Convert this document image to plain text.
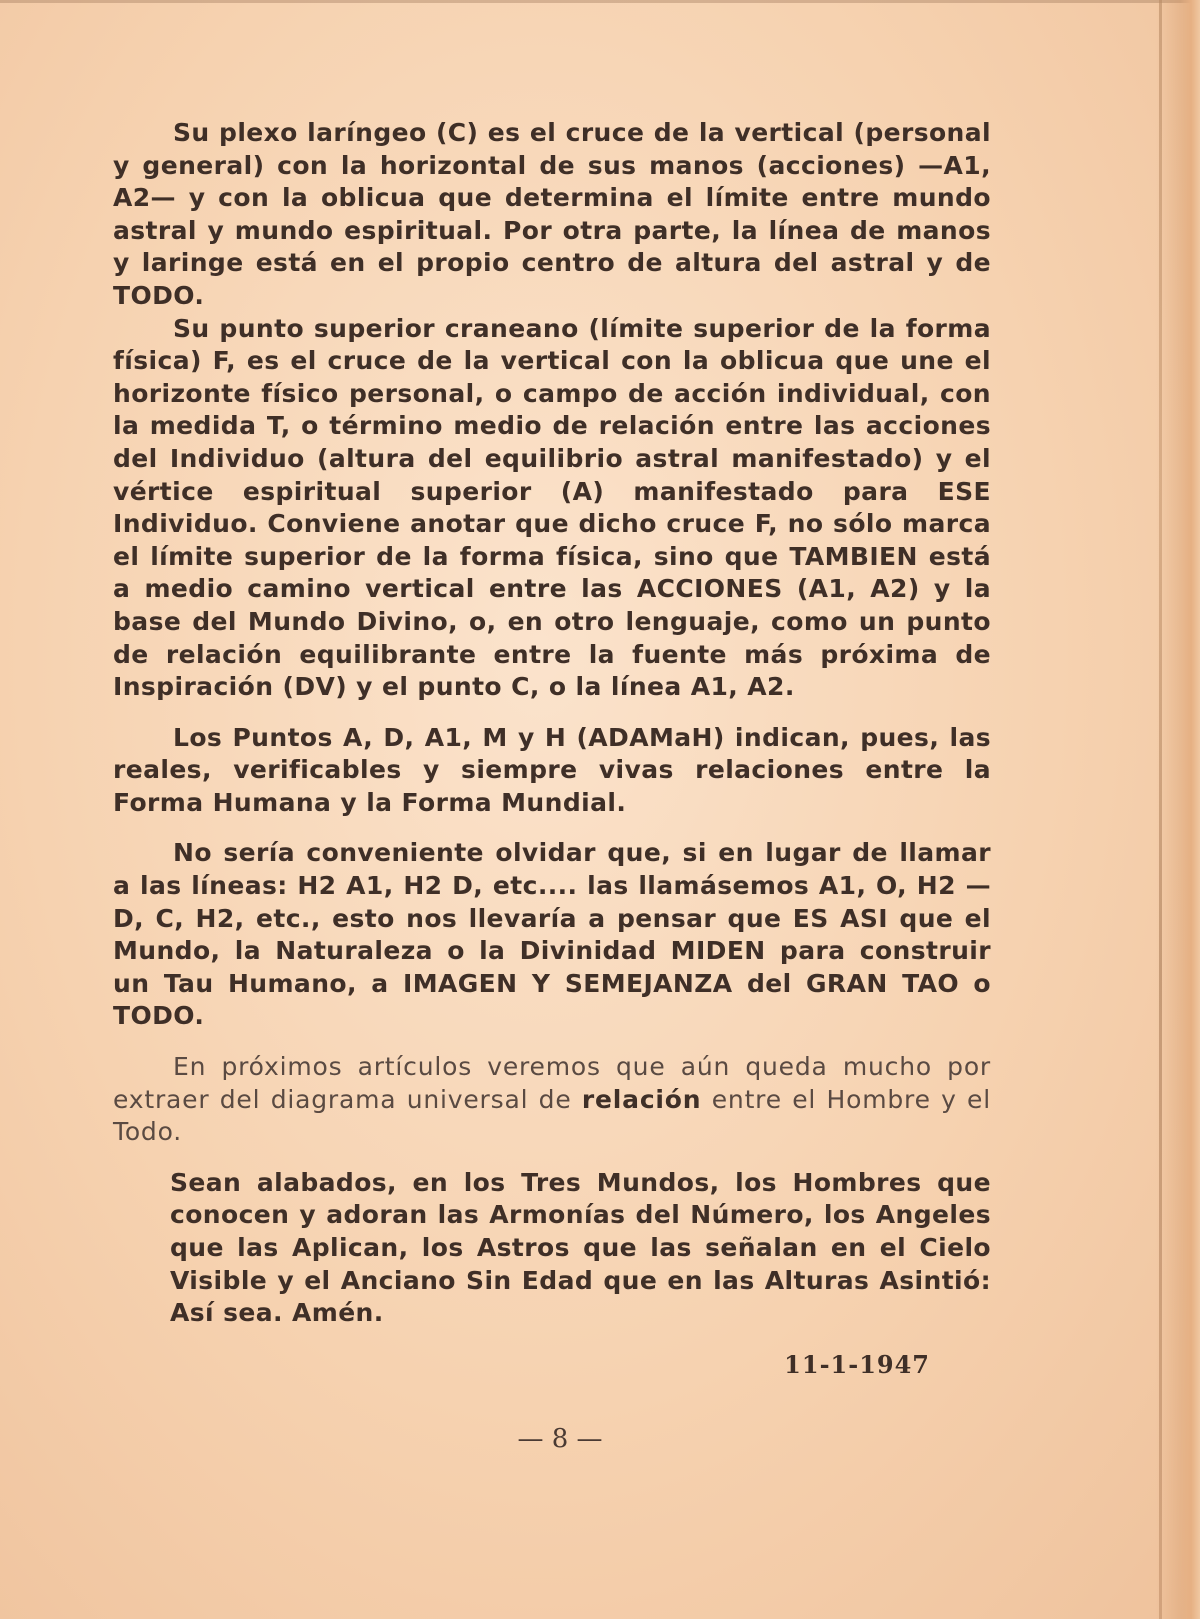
Su plexo laríngeo (C) es el cruce de la vertical (personal y general) con la horizontal de sus manos (acciones) —A1, A2— y con la oblicua que determina el límite entre mundo astral y mundo espiritual. Por otra parte, la línea de manos y laringe está en el propio centro de altura del astral y de TODO.

Su punto superior craneano (límite superior de la forma física) F, es el cruce de la vertical con la oblicua que une el horizonte físico personal, o campo de acción individual, con la medida T, o término medio de relación entre las acciones del Individuo (altura del equilibrio astral manifestado) y el vértice espiritual superior (A) manifestado para ESE Individuo. Conviene anotar que dicho cruce F, no sólo marca el límite superior de la forma física, sino que TAMBIEN está a medio camino vertical entre las ACCIONES (A1, A2) y la base del Mundo Divino, o, en otro lenguaje, como un punto de relación equilibrante entre la fuente más próxima de Inspiración (DV) y el punto C, o la línea A1, A2.

Los Puntos A, D, A1, M y H (ADAMaH) indican, pues, las reales, verificables y siempre vivas relaciones entre la Forma Humana y la Forma Mundial.

No sería conveniente olvidar que, si en lugar de llamar a las líneas: H2 A1, H2 D, etc.... las llamásemos A1, O, H2 — D, C, H2, etc., esto nos llevaría a pensar que ES ASI que el Mundo, la Naturaleza o la Divinidad MIDEN para construir un Tau Humano, a IMAGEN Y SEMEJANZA del GRAN TAO o TODO.

En próximos artículos veremos que aún queda mucho por extraer del diagrama universal de relación entre el Hombre y el Todo.

Sean alabados, en los Tres Mundos, los Hombres que conocen y adoran las Armonías del Número, los Angeles que las Aplican, los Astros que las señalan en el Cielo Visible y el Anciano Sin Edad que en las Alturas Asintió: Así sea. Amén.

11-1-1947
— 8 —
